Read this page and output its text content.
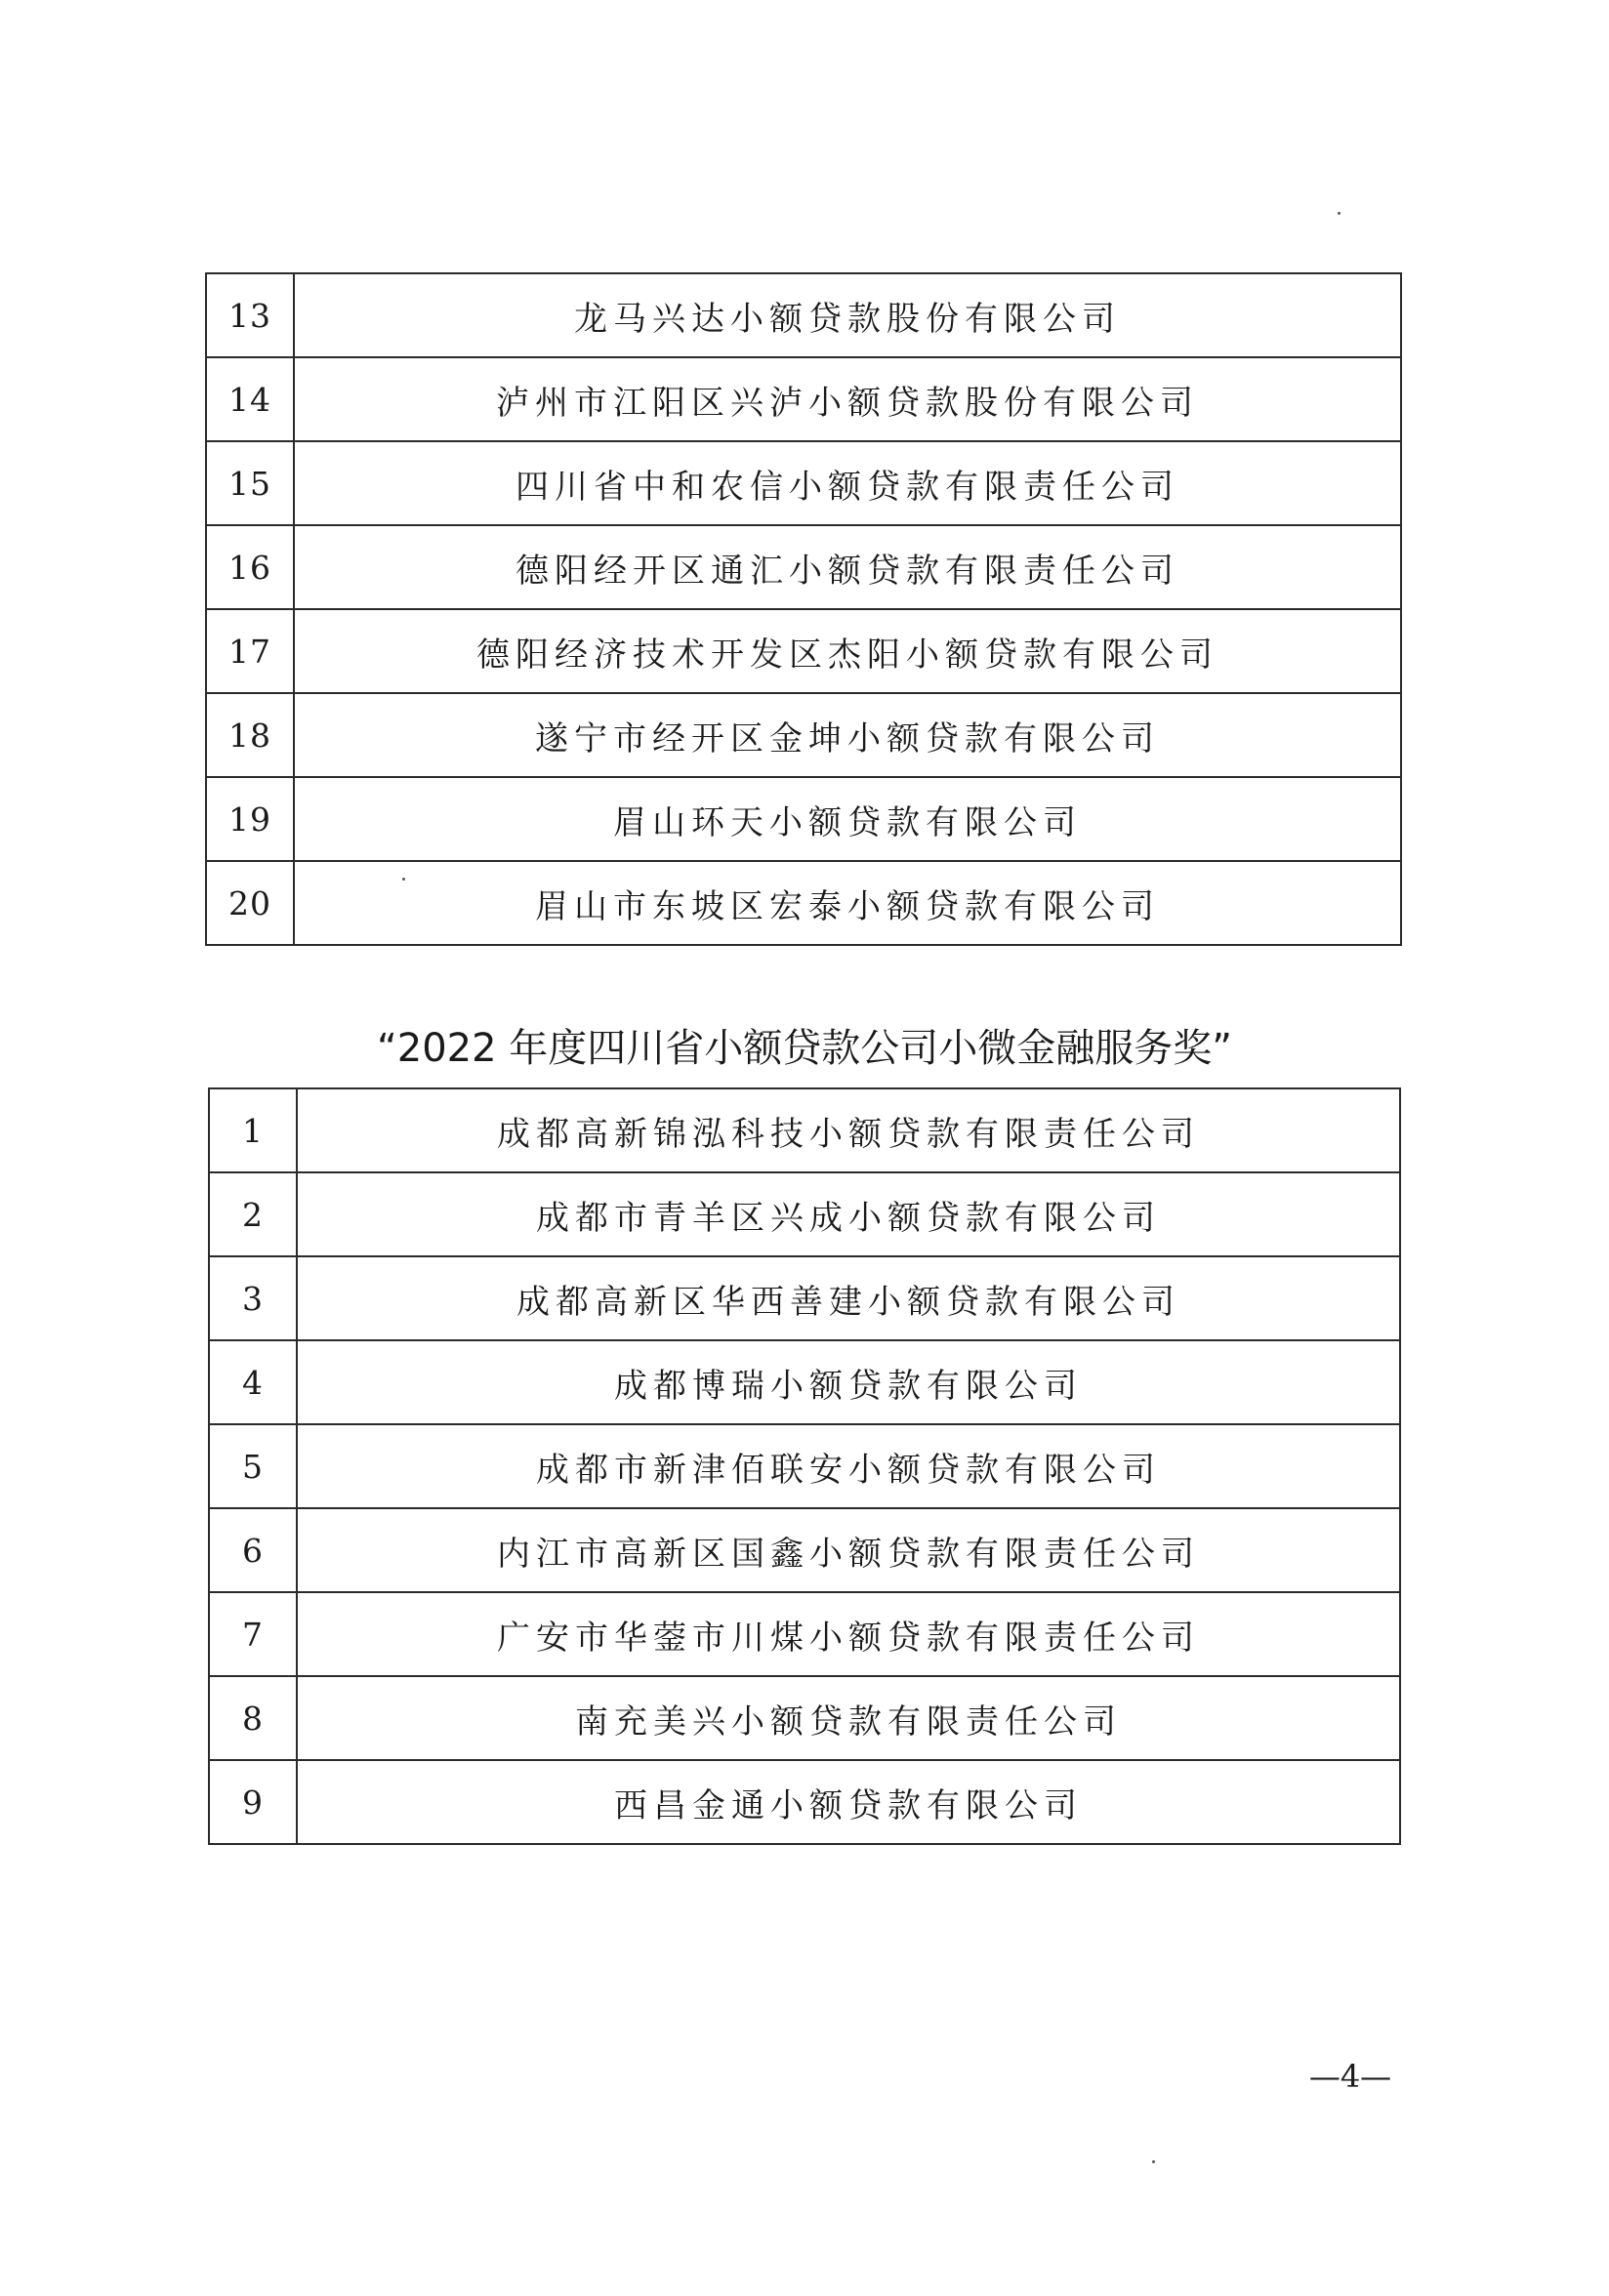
13	龙马兴达小额贷款股份有限公司
14	泸州市江阳区兴泸小额贷款股份有限公司
15	四川省中和农信小额贷款有限责任公司
16	德阳经开区通汇小额贷款有限责任公司
17	德阳经济技术开发区杰阳小额贷款有限公司
18	遂宁市经开区金坤小额贷款有限公司
19	眉山环天小额贷款有限公司
20	眉山市东坡区宏泰小额贷款有限公司
“2022 年度四川省小额贷款公司小微金融服务奖”
1	成都高新锦泓科技小额贷款有限责任公司
2	成都市青羊区兴成小额贷款有限公司
3	成都高新区华西善建小额贷款有限公司
4	成都博瑞小额贷款有限公司
5	成都市新津佰联安小额贷款有限公司
6	内江市高新区国鑫小额贷款有限责任公司
7	广安市华蓥市川煤小额贷款有限责任公司
8	南充美兴小额贷款有限责任公司
9	西昌金通小额贷款有限公司
—4—
